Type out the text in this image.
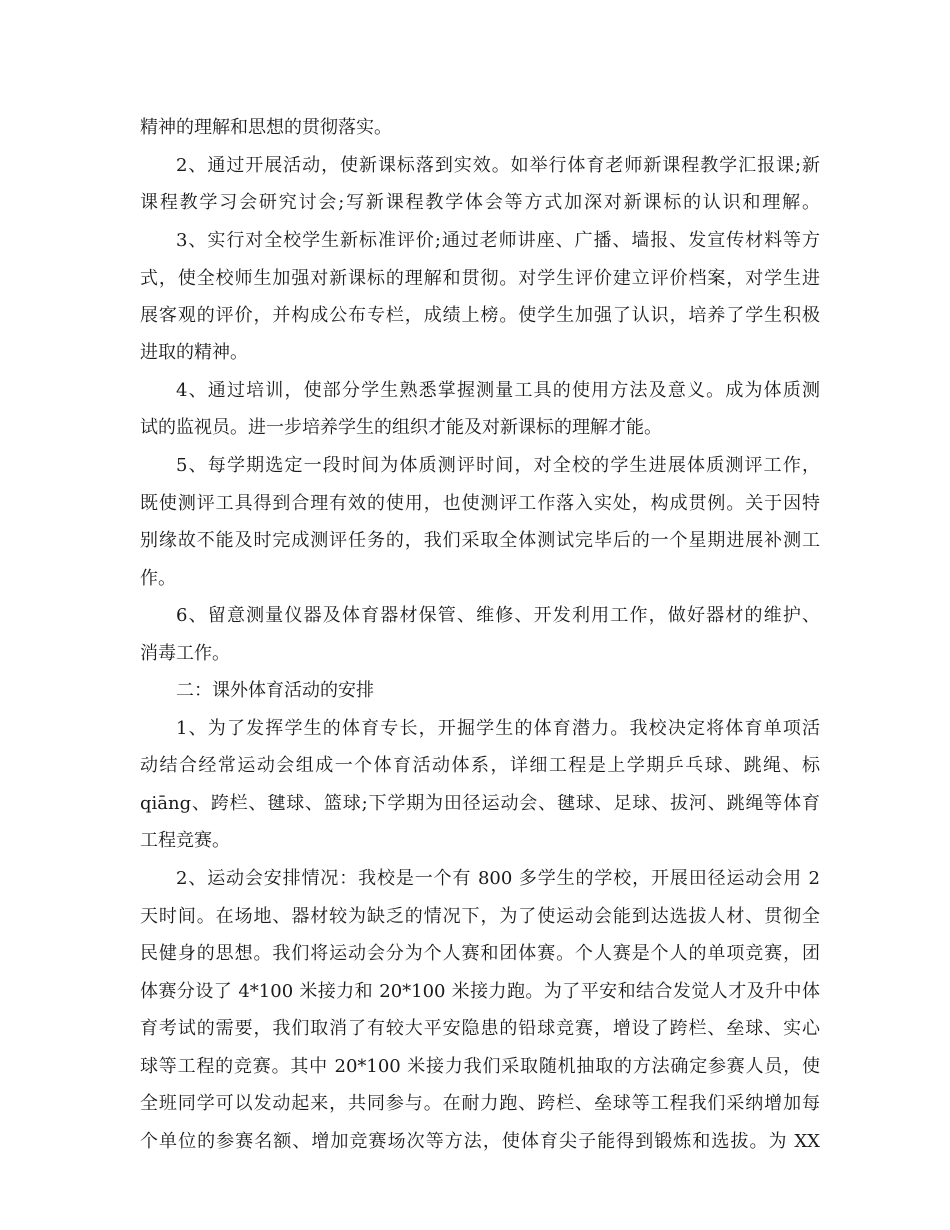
精神的理解和思想的贯彻落实。
2、通过开展活动，使新课标落到实效。如举行体育老师新课程教学汇报课;新
课程教学习会研究讨会;写新课程教学体会等方式加深对新课标的认识和理解。
3、实行对全校学生新标准评价;通过老师讲座、广播、墙报、发宣传材料等方
式，使全校师生加强对新课标的理解和贯彻。对学生评价建立评价档案，对学生进
展客观的评价，并构成公布专栏，成绩上榜。使学生加强了认识，培养了学生积极
进取的精神。
4、通过培训，使部分学生熟悉掌握测量工具的使用方法及意义。成为体质测
试的监视员。进一步培养学生的组织才能及对新课标的理解才能。
5、每学期选定一段时间为体质测评时间，对全校的学生进展体质测评工作，
既使测评工具得到合理有效的使用，也使测评工作落入实处，构成贯例。关于因特
别缘故不能及时完成测评任务的，我们采取全体测试完毕后的一个星期进展补测工
作。
6、留意测量仪器及体育器材保管、维修、开发利用工作，做好器材的维护、
消毒工作。
二：课外体育活动的安排
1、为了发挥学生的体育专长，开掘学生的体育潜力。我校决定将体育单项活
动结合经常运动会组成一个体育活动体系，详细工程是上学期乒乓球、跳绳、标
qiāng、跨栏、毽球、篮球;下学期为田径运动会、毽球、足球、拔河、跳绳等体育
工程竞赛。
2、运动会安排情况：我校是一个有 800 多学生的学校，开展田径运动会用 2
天时间。在场地、器材较为缺乏的情况下，为了使运动会能到达选拔人材、贯彻全
民健身的思想。我们将运动会分为个人赛和团体赛。个人赛是个人的单项竞赛，团
体赛分设了 4*100 米接力和 20*100 米接力跑。为了平安和结合发觉人才及升中体
育考试的需要，我们取消了有较大平安隐患的铅球竞赛，增设了跨栏、垒球、实心
球等工程的竞赛。其中 20*100 米接力我们采取随机抽取的方法确定参赛人员，使
全班同学可以发动起来，共同参与。在耐力跑、跨栏、垒球等工程我们采纳增加每
个单位的参赛名额、增加竞赛场次等方法，使体育尖子能得到锻炼和选拔。为 XX
